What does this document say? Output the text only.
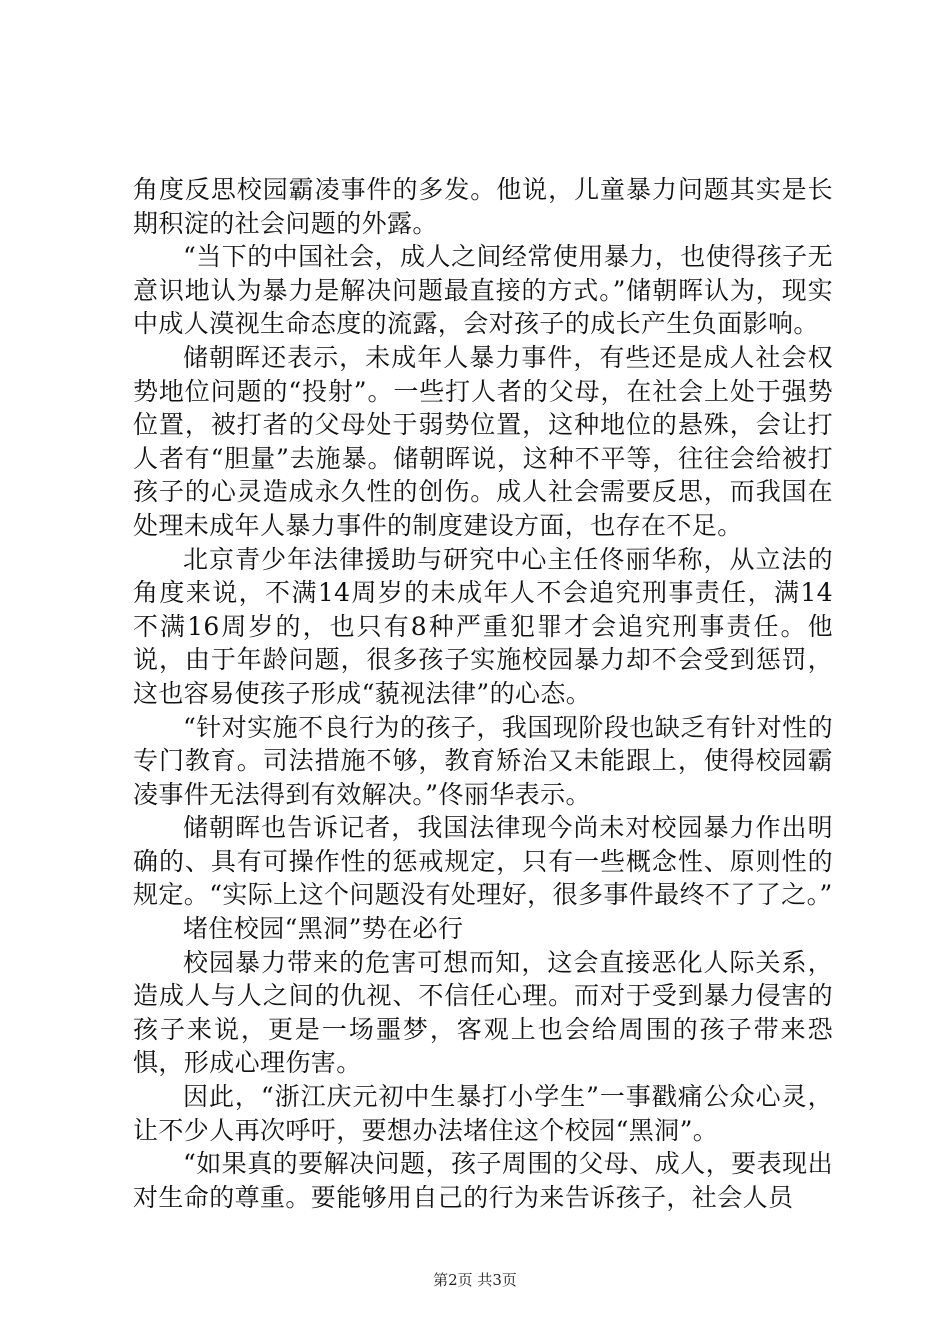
角度反思校园霸凌事件的多发。他说，儿童暴力问题其实是长期积淀的社会问题的外露。

“当下的中国社会，成人之间经常使用暴力，也使得孩子无意识地认为暴力是解决问题最直接的方式。”储朝晖认为，现实中成人漠视生命态度的流露，会对孩子的成长产生负面影响。

储朝晖还表示，未成年人暴力事件，有些还是成人社会权势地位问题的“投射”。一些打人者的父母，在社会上处于强势位置，被打者的父母处于弱势位置，这种地位的悬殊，会让打人者有“胆量”去施暴。储朝晖说，这种不平等，往往会给被打孩子的心灵造成永久性的创伤。成人社会需要反思，而我国在处理未成年人暴力事件的制度建设方面，也存在不足。

北京青少年法律援助与研究中心主任佟丽华称，从立法的角度来说，不满14周岁的未成年人不会追究刑事责任，满14不满16周岁的，也只有8种严重犯罪才会追究刑事责任。他说，由于年龄问题，很多孩子实施校园暴力却不会受到惩罚，这也容易使孩子形成“藐视法律”的心态。

“针对实施不良行为的孩子，我国现阶段也缺乏有针对性的专门教育。司法措施不够，教育矫治又未能跟上，使得校园霸凌事件无法得到有效解决。”佟丽华表示。

储朝晖也告诉记者，我国法律现今尚未对校园暴力作出明确的、具有可操作性的惩戒规定，只有一些概念性、原则性的规定。“实际上这个问题没有处理好，很多事件最终不了了之。”

堵住校园“黑洞”势在必行

校园暴力带来的危害可想而知，这会直接恶化人际关系，造成人与人之间的仇视、不信任心理。而对于受到暴力侵害的孩子来说，更是一场噩梦，客观上也会给周围的孩子带来恐惧，形成心理伤害。

因此，“浙江庆元初中生暴打小学生”一事戳痛公众心灵，让不少人再次呼吁，要想办法堵住这个校园“黑洞”。

“如果真的要解决问题，孩子周围的父母、成人，要表现出对生命的尊重。要能够用自己的行为来告诉孩子，社会人员

第2页 共3页
